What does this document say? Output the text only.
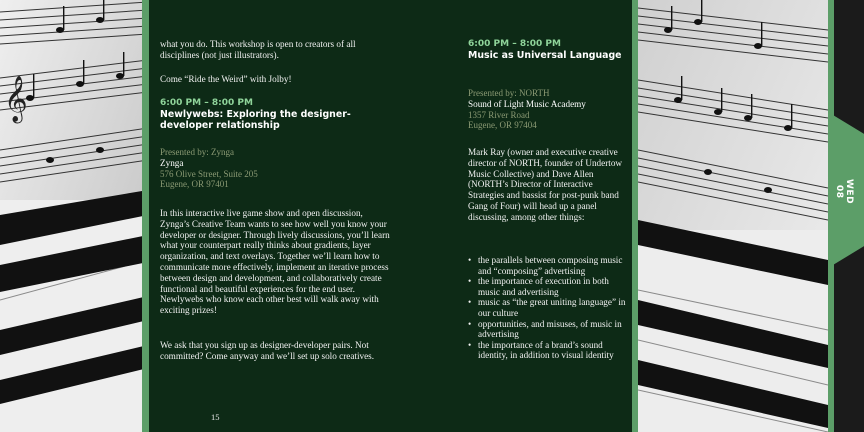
𝄞

what you do. This workshop is open to creators of all disciplines (not just illustrators).

Come “Ride the Weird” with Jolby!

6:00 PM – 8:00 PM
Newlywebs: Exploring the designer-developer relationship
Presented by: Zynga
Zynga
576 Olive Street, Suite 205
Eugene, OR 97401

In this interactive live game show and open discussion, Zynga’s Creative Team wants to see how well you know your developer or designer. Through lively discussions, you’ll learn what your counterpart really thinks about gradients, layer organization, and text overlays. Together we’ll learn how to communicate more effectively, implement an iterative process between design and development, and collaboratively create functional and beautiful experiences for the end user. Newlywebs who know each other best will walk away with exciting prizes!

We ask that you sign up as designer-developer pairs. Not committed? Come anyway and we’ll set up solo creatives.

15
6:00 PM – 8:00 PM
Music as Universal Language
Presented by: NORTH
Sound of Light Music Academy
1357 River Road
Eugene, OR 97404

Mark Ray (owner and executive creative director of NORTH, founder of Undertow Music Collective) and Dave Allen (NORTH’s Director of Interactive Strategies and bassist for post-punk band Gang of Four) will head up a panel discussing, among other things:

• the parallels between composing music and “composing” advertising
• the importance of execution in both music and advertising
• music as “the great uniting language” in our culture
• opportunities, and misuses, of music in advertising
• the importance of a brand’s sound identity, in addition to visual identity
WED 08
